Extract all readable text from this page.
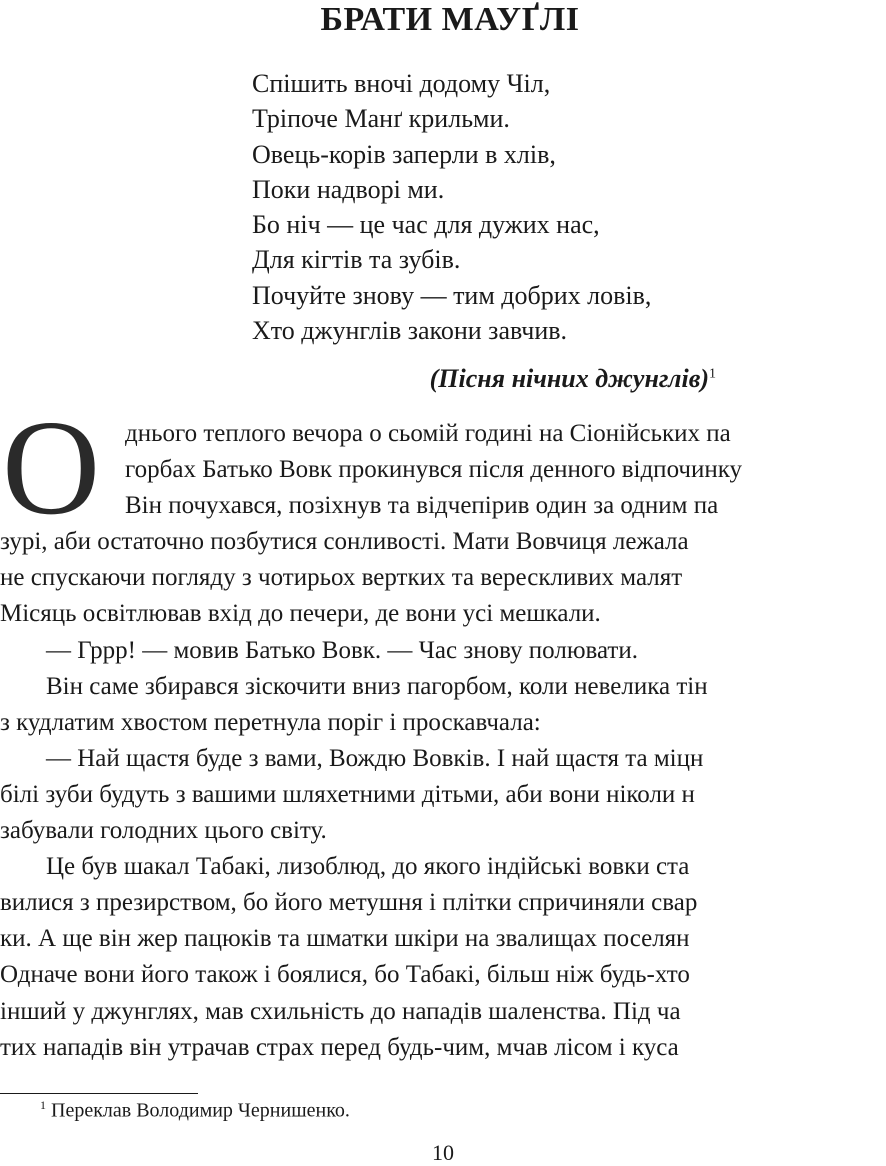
БРАТИ МАУҐЛІ
Спішить вночі додому Чіл,
Тріпоче Манґ крильми.
Овець-корів заперли в хлів,
Поки надворі ми.
Бо ніч — це час для дужих нас,
Для кігтів та зубів.
Почуйте знову — тим добрих ловів,
Хто джунглів закони завчив.
(Пісня нічних джунглів)$^1$
О днього теплого вечора о сьомій годині на Сіонійських па
горбах Батько Вовк прокинувся після денного відпочинку
Він почухався, позіхнув та відчепірив один за одним па
зурі, аби остаточно позбутися сонливості. Мати Вовчиця лежала
не спускаючи погляду з чотирьох вертких та верескливих малят
Місяць освітлював вхід до печери, де вони усі мешкали.
— Гррр! — мовив Батько Вовк. — Час знову полювати.
Він саме збирався зіскочити вниз пагорбом, коли невелика тін
з кудлатим хвостом перетнула поріг і проскавчала:
— Най щастя буде з вами, Вождю Вовків. І най щастя та міцн
білі зуби будуть з вашими шляхетними дітьми, аби вони ніколи н
забували голодних цього світу.
Це був шакал Табакі, лизоблюд, до якого індійські вовки ста
вилися з презирством, бо його метушня і плітки спричиняли свар
ки. А ще він жер пацюків та шматки шкіри на звалищах поселян
Одначе вони його також і боялися, бо Табакі, більш ніж будь-хто
інший у джунглях, мав схильність до нападів шаленства. Під ча
тих нападів він утрачав страх перед будь-чим, мчав лісом і куса
$^1$ Переклав Володимир Чернишенко.
10
